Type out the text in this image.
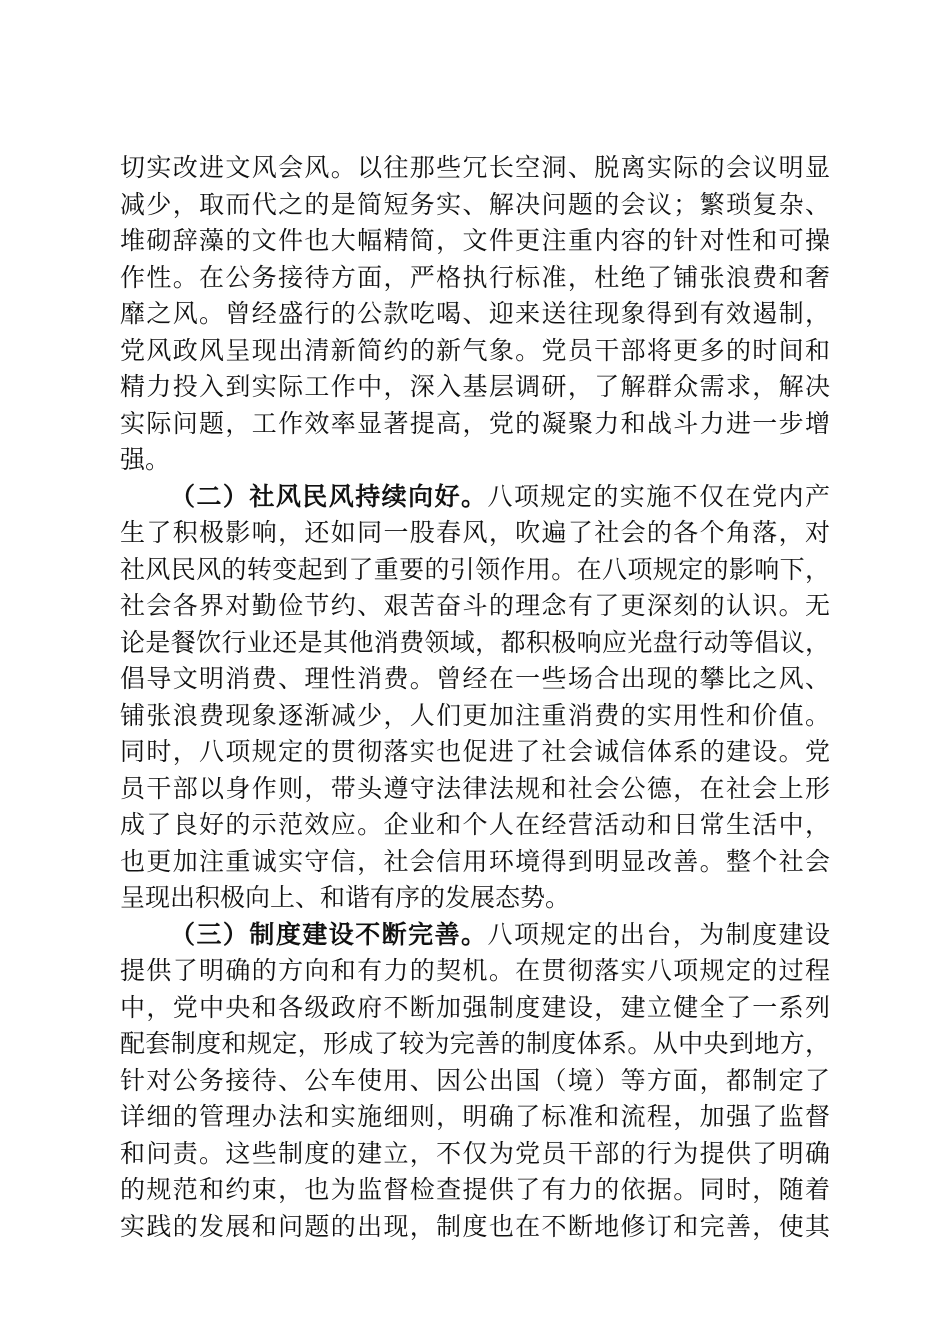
切实改进文风会风。以往那些冗长空洞、脱离实际的会议明显
减少，取而代之的是简短务实、解决问题的会议；繁琐复杂、
堆砌辞藻的文件也大幅精简，文件更注重内容的针对性和可操
作性。在公务接待方面，严格执行标准，杜绝了铺张浪费和奢
靡之风。曾经盛行的公款吃喝、迎来送往现象得到有效遏制，
党风政风呈现出清新简约的新气象。党员干部将更多的时间和
精力投入到实际工作中，深入基层调研，了解群众需求，解决
实际问题，工作效率显著提高，党的凝聚力和战斗力进一步增
强。
（二）社风民风持续向好。八项规定的实施不仅在党内产
生了积极影响，还如同一股春风，吹遍了社会的各个角落，对
社风民风的转变起到了重要的引领作用。在八项规定的影响下，
社会各界对勤俭节约、艰苦奋斗的理念有了更深刻的认识。无
论是餐饮行业还是其他消费领域，都积极响应光盘行动等倡议，
倡导文明消费、理性消费。曾经在一些场合出现的攀比之风、
铺张浪费现象逐渐减少，人们更加注重消费的实用性和价值。
同时，八项规定的贯彻落实也促进了社会诚信体系的建设。党
员干部以身作则，带头遵守法律法规和社会公德，在社会上形
成了良好的示范效应。企业和个人在经营活动和日常生活中，
也更加注重诚实守信，社会信用环境得到明显改善。整个社会
呈现出积极向上、和谐有序的发展态势。
（三）制度建设不断完善。八项规定的出台，为制度建设
提供了明确的方向和有力的契机。在贯彻落实八项规定的过程
中，党中央和各级政府不断加强制度建设，建立健全了一系列
配套制度和规定，形成了较为完善的制度体系。从中央到地方，
针对公务接待、公车使用、因公出国（境）等方面，都制定了
详细的管理办法和实施细则，明确了标准和流程，加强了监督
和问责。这些制度的建立，不仅为党员干部的行为提供了明确
的规范和约束，也为监督检查提供了有力的依据。同时，随着
实践的发展和问题的出现，制度也在不断地修订和完善，使其
